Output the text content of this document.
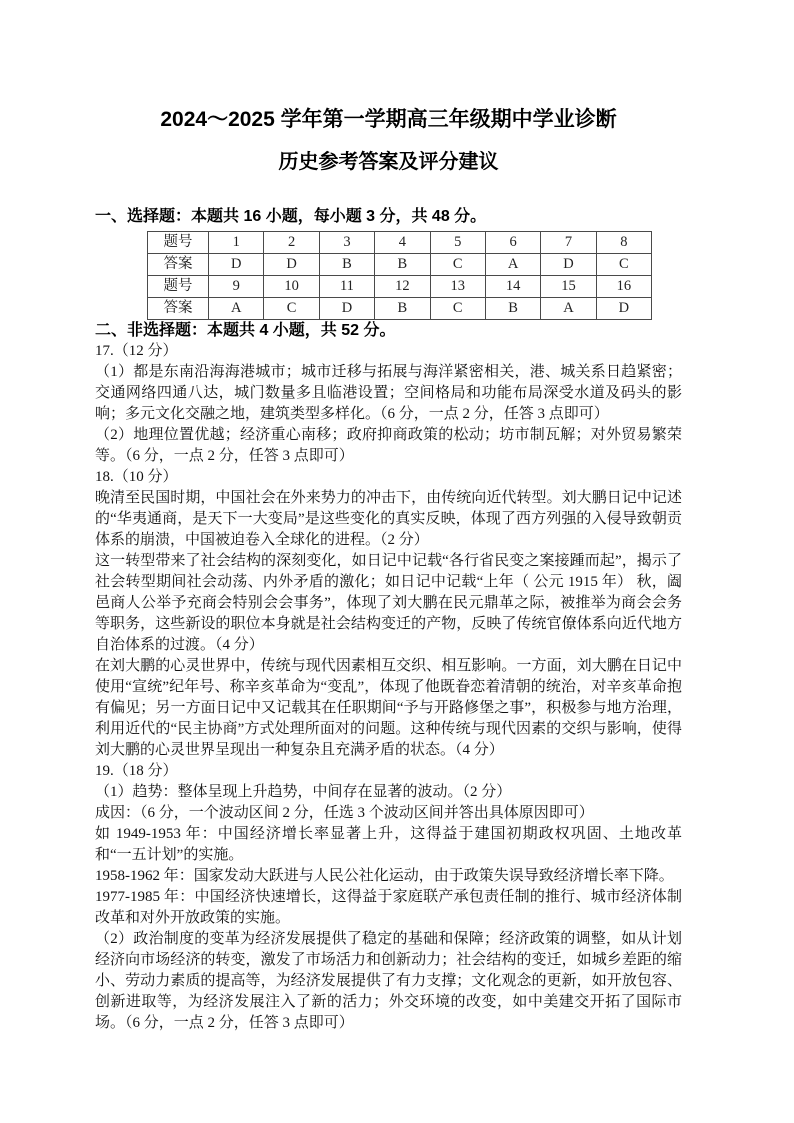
2024～2025 学年第一学期高三年级期中学业诊断
历史参考答案及评分建议
一、选择题：本题共 16 小题，每小题 3 分，共 48 分。
题号	1	2	3	4	5	6	7	8
答案	D	D	B	B	C	A	D	C
题号	9	10	11	12	13	14	15	16
答案	A	C	D	B	C	B	A	D
二、非选择题：本题共 4 小题，共 52 分。

17.（12 分）

（1）都是东南沿海海港城市；城市迁移与拓展与海洋紧密相关，港、城关系日趋紧密；交通网络四通八达，城门数量多且临港设置；空间格局和功能布局深受水道及码头的影响；多元文化交融之地，建筑类型多样化。（6 分，一点 2 分，任答 3 点即可）

（2）地理位置优越；经济重心南移；政府抑商政策的松动；坊市制瓦解；对外贸易繁荣等。（6 分，一点 2 分，任答 3 点即可）

18.（10 分）

晚清至民国时期，中国社会在外来势力的冲击下，由传统向近代转型。刘大鹏日记中记述的“华夷通商，是天下一大变局”是这些变化的真实反映，体现了西方列强的入侵导致朝贡体系的崩溃，中国被迫卷入全球化的进程。（2 分）

这一转型带来了社会结构的深刻变化，如日记中记载“各行省民变之案接踵而起”，揭示了社会转型期间社会动荡、内外矛盾的激化；如日记中记载“上年（ 公元 1915 年） 秋，阖邑商人公举予充商会特别会会事务”，体现了刘大鹏在民元鼎革之际，被推举为商会会务等职务，这些新设的职位本身就是社会结构变迁的产物，反映了传统官僚体系向近代地方自治体系的过渡。（4 分）

在刘大鹏的心灵世界中，传统与现代因素相互交织、相互影响。一方面，刘大鹏在日记中使用“宣统”纪年号、称辛亥革命为“变乱”，体现了他既眷恋着清朝的统治，对辛亥革命抱有偏见；另一方面日记中又记载其在任职期间“予与开路修堡之事”，积极参与地方治理，利用近代的“民主协商”方式处理所面对的问题。这种传统与现代因素的交织与影响，使得刘大鹏的心灵世界呈现出一种复杂且充满矛盾的状态。（4 分）

19.（18 分）

（1）趋势：整体呈现上升趋势，中间存在显著的波动。（2 分）

成因：（6 分，一个波动区间 2 分，任选 3 个波动区间并答出具体原因即可）

如 1949-1953 年：中国经济增长率显著上升，这得益于建国初期政权巩固、土地改革和“一五计划”的实施。

1958-1962 年：国家发动大跃进与人民公社化运动，由于政策失误导致经济增长率下降。

1977-1985 年：中国经济快速增长，这得益于家庭联产承包责任制的推行、城市经济体制改革和对外开放政策的实施。

（2）政治制度的变革为经济发展提供了稳定的基础和保障；经济政策的调整，如从计划经济向市场经济的转变，激发了市场活力和创新动力；社会结构的变迁，如城乡差距的缩小、劳动力素质的提高等，为经济发展提供了有力支撑；文化观念的更新，如开放包容、创新进取等，为经济发展注入了新的活力；外交环境的改变，如中美建交开拓了国际市场。（6 分，一点 2 分，任答 3 点即可）
